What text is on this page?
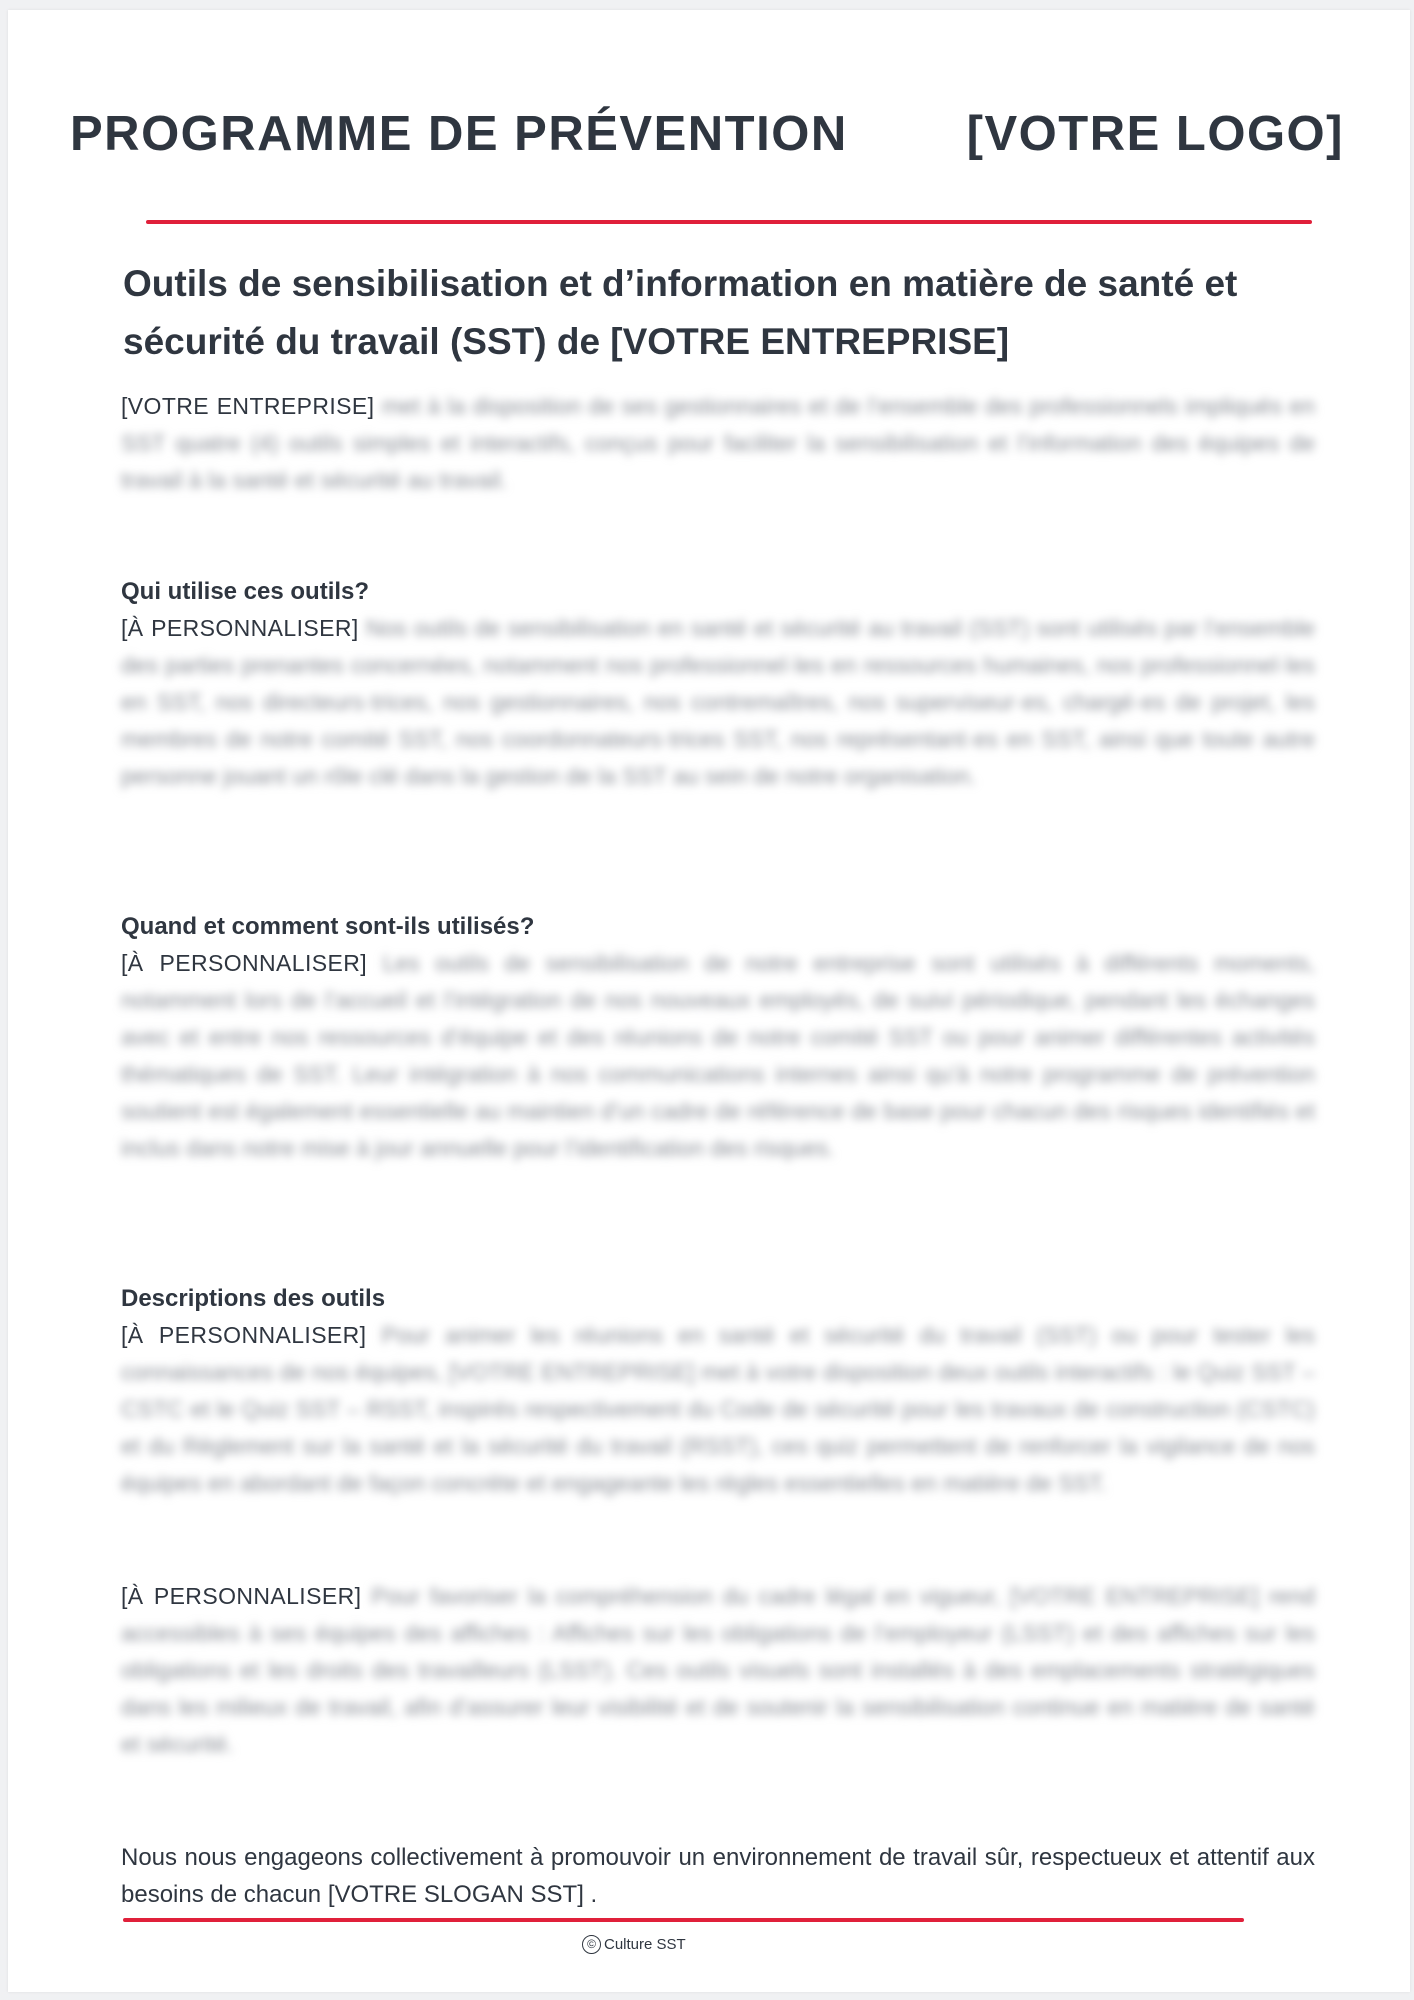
PROGRAMME DE PRÉVENTION [VOTRE LOGO]
Outils de sensibilisation et d’information en matière de santé et sécurité du travail (SST) de [VOTRE ENTREPRISE]

[VOTRE ENTREPRISE] met à la disposition de ses gestionnaires et de l’ensemble des professionnels impliqués en SST quatre (4) outils simples et interactifs, conçus pour faciliter la sensibilisation et l’information des équipes de travail à la santé et sécurité au travail.

Qui utilise ces outils?

[À PERSONNALISER] Nos outils de sensibilisation en santé et sécurité au travail (SST) sont utilisés par l’ensemble des parties prenantes concernées, notamment nos professionnel·les en ressources humaines, nos professionnel·les en SST, nos directeurs·trices, nos gestionnaires, nos contremaîtres, nos superviseur·es, chargé·es de projet, les membres de notre comité SST, nos coordonnateurs·trices SST, nos représentant·es en SST, ainsi que toute autre personne jouant un rôle clé dans la gestion de la SST au sein de notre organisation.

Quand et comment sont-ils utilisés?

[À PERSONNALISER] Les outils de sensibilisation de notre entreprise sont utilisés à différents moments, notamment lors de l’accueil et l’intégration de nos nouveaux employés, de suivi périodique, pendant les échanges avec et entre nos ressources d’équipe et des réunions de notre comité SST ou pour animer différentes activités thématiques de SST. Leur intégration à nos communications internes ainsi qu’à notre programme de prévention soutient est également essentielle au maintien d’un cadre de référence de base pour chacun des risques identifiés et inclus dans notre mise à jour annuelle pour l’identification des risques.

Descriptions des outils

[À PERSONNALISER] Pour animer les réunions en santé et sécurité du travail (SST) ou pour tester les connaissances de nos équipes, [VOTRE ENTREPRISE] met à votre disposition deux outils interactifs : le Quiz SST – CSTC et le Quiz SST – RSST, inspirés respectivement du Code de sécurité pour les travaux de construction (CSTC) et du Règlement sur la santé et la sécurité du travail (RSST), ces quiz permettent de renforcer la vigilance de nos équipes en abordant de façon concrète et engageante les règles essentielles en matière de SST.

[À PERSONNALISER] Pour favoriser la compréhension du cadre légal en vigueur, [VOTRE ENTREPRISE] rend accessibles à ses équipes des affiches : Affiches sur les obligations de l’employeur (LSST) et des affiches sur les obligations et les droits des travailleurs (LSST). Ces outils visuels sont installés à des emplacements stratégiques dans les milieux de travail, afin d’assurer leur visibilité et de soutenir la sensibilisation continue en matière de santé et sécurité.

Nous nous engageons collectivement à promouvoir un environnement de travail sûr, respectueux et attentif aux besoins de chacun [VOTRE SLOGAN SST] .

© Culture SST
